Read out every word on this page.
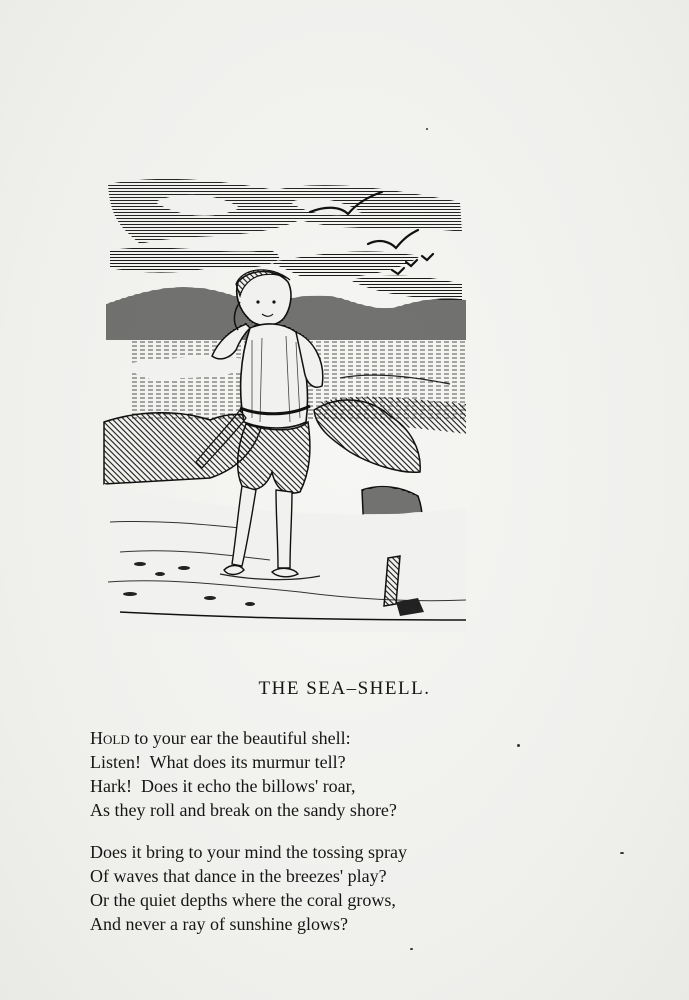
THE SEA–SHELL.
Hold to your ear the beautiful shell:
Listen!  What does its murmur tell?
Hark!  Does it echo the billows' roar,
As they roll and break on the sandy shore?
Does it bring to your mind the tossing spray
Of waves that dance in the breezes' play?
Or the quiet depths where the coral grows,
And never a ray of sunshine glows?
